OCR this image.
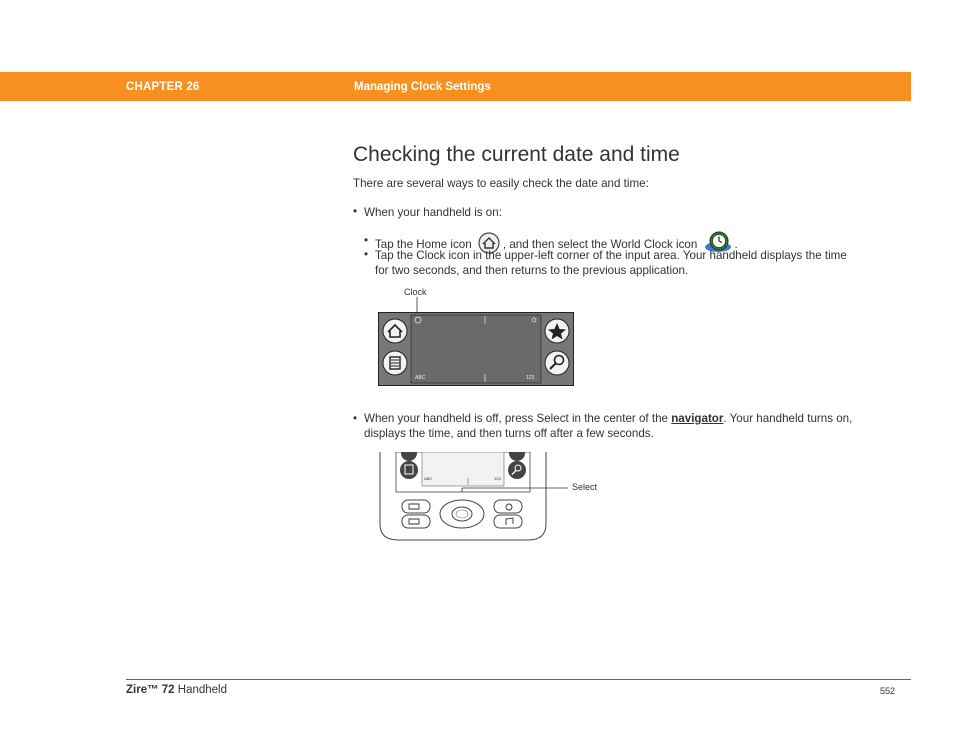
CHAPTER 26	Managing Clock Settings
Checking the current date and time
There are several ways to easily check the date and time:
• When your handheld is on:
• Tap the Home icon	, and then select the World Clock icon	.
• Tap the Clock icon in the upper-left corner of the input area. Your handheld displays the time
for two seconds, and then returns to the previous application.
Clock
ABC	123
• When your handheld is off, press Select in the center of the navigator. Your handheld turns on,
displays the time, and then turns off after a few seconds.
ABC	123
Select
Zire™ 72 Handheld	552
